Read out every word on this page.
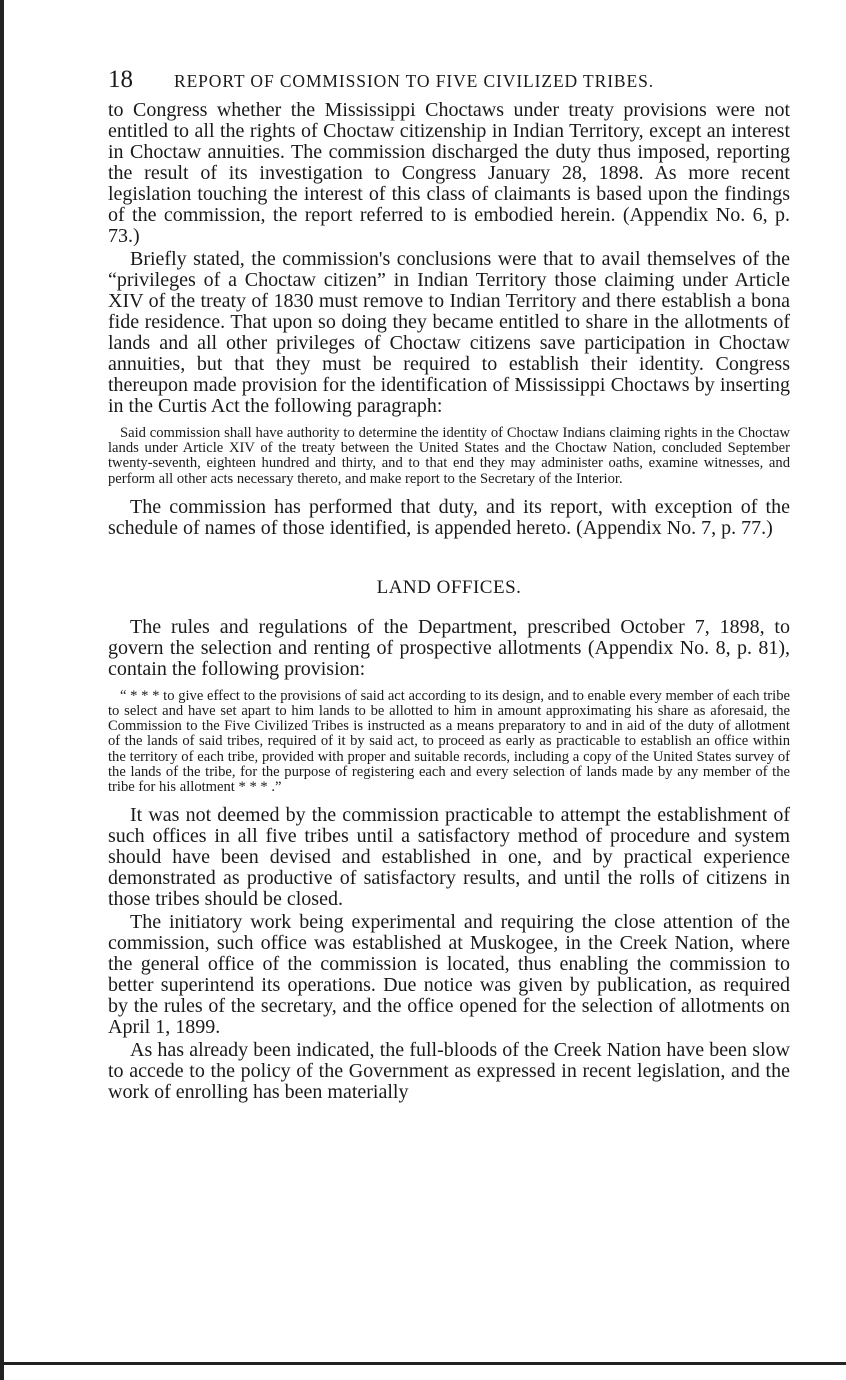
18	REPORT OF COMMISSION TO FIVE CIVILIZED TRIBES.

to Congress whether the Mississippi Choctaws under treaty provisions were not entitled to all the rights of Choctaw citizenship in Indian Territory, except an interest in Choctaw annuities. The commission discharged the duty thus imposed, reporting the result of its investigation to Congress January 28, 1898. As more recent legislation touching the interest of this class of claimants is based upon the findings of the commission, the report referred to is embodied herein. (Appendix No. 6, p. 73.)

Briefly stated, the commission's conclusions were that to avail themselves of the “privileges of a Choctaw citizen” in Indian Territory those claiming under Article XIV of the treaty of 1830 must remove to Indian Territory and there establish a bona fide residence. That upon so doing they became entitled to share in the allotments of lands and all other privileges of Choctaw citizens save participation in Choctaw annuities, but that they must be required to establish their identity. Congress thereupon made provision for the identification of Mississippi Choctaws by inserting in the Curtis Act the following paragraph:

Said commission shall have authority to determine the identity of Choctaw Indians claiming rights in the Choctaw lands under Article XIV of the treaty between the United States and the Choctaw Nation, concluded September twenty-seventh, eighteen hundred and thirty, and to that end they may administer oaths, examine witnesses, and perform all other acts necessary thereto, and make report to the Secretary of the Interior.

The commission has performed that duty, and its report, with exception of the schedule of names of those identified, is appended hereto. (Appendix No. 7, p. 77.)

LAND OFFICES.

The rules and regulations of the Department, prescribed October 7, 1898, to govern the selection and renting of prospective allotments (Appendix No. 8, p. 81), contain the following provision:

“ * * * to give effect to the provisions of said act according to its design, and to enable every member of each tribe to select and have set apart to him lands to be allotted to him in amount approximating his share as aforesaid, the Commission to the Five Civilized Tribes is instructed as a means preparatory to and in aid of the duty of allotment of the lands of said tribes, required of it by said act, to proceed as early as practicable to establish an office within the territory of each tribe, provided with proper and suitable records, including a copy of the United States survey of the lands of the tribe, for the purpose of registering each and every selection of lands made by any member of the tribe for his allotment * * * .”

It was not deemed by the commission practicable to attempt the establishment of such offices in all five tribes until a satisfactory method of procedure and system should have been devised and established in one, and by practical experience demonstrated as productive of satisfactory results, and until the rolls of citizens in those tribes should be closed.

The initiatory work being experimental and requiring the close attention of the commission, such office was established at Muskogee, in the Creek Nation, where the general office of the commission is located, thus enabling the commission to better superintend its operations. Due notice was given by publication, as required by the rules of the secretary, and the office opened for the selection of allotments on April 1, 1899.

As has already been indicated, the full-bloods of the Creek Nation have been slow to accede to the policy of the Government as expressed in recent legislation, and the work of enrolling has been materially
